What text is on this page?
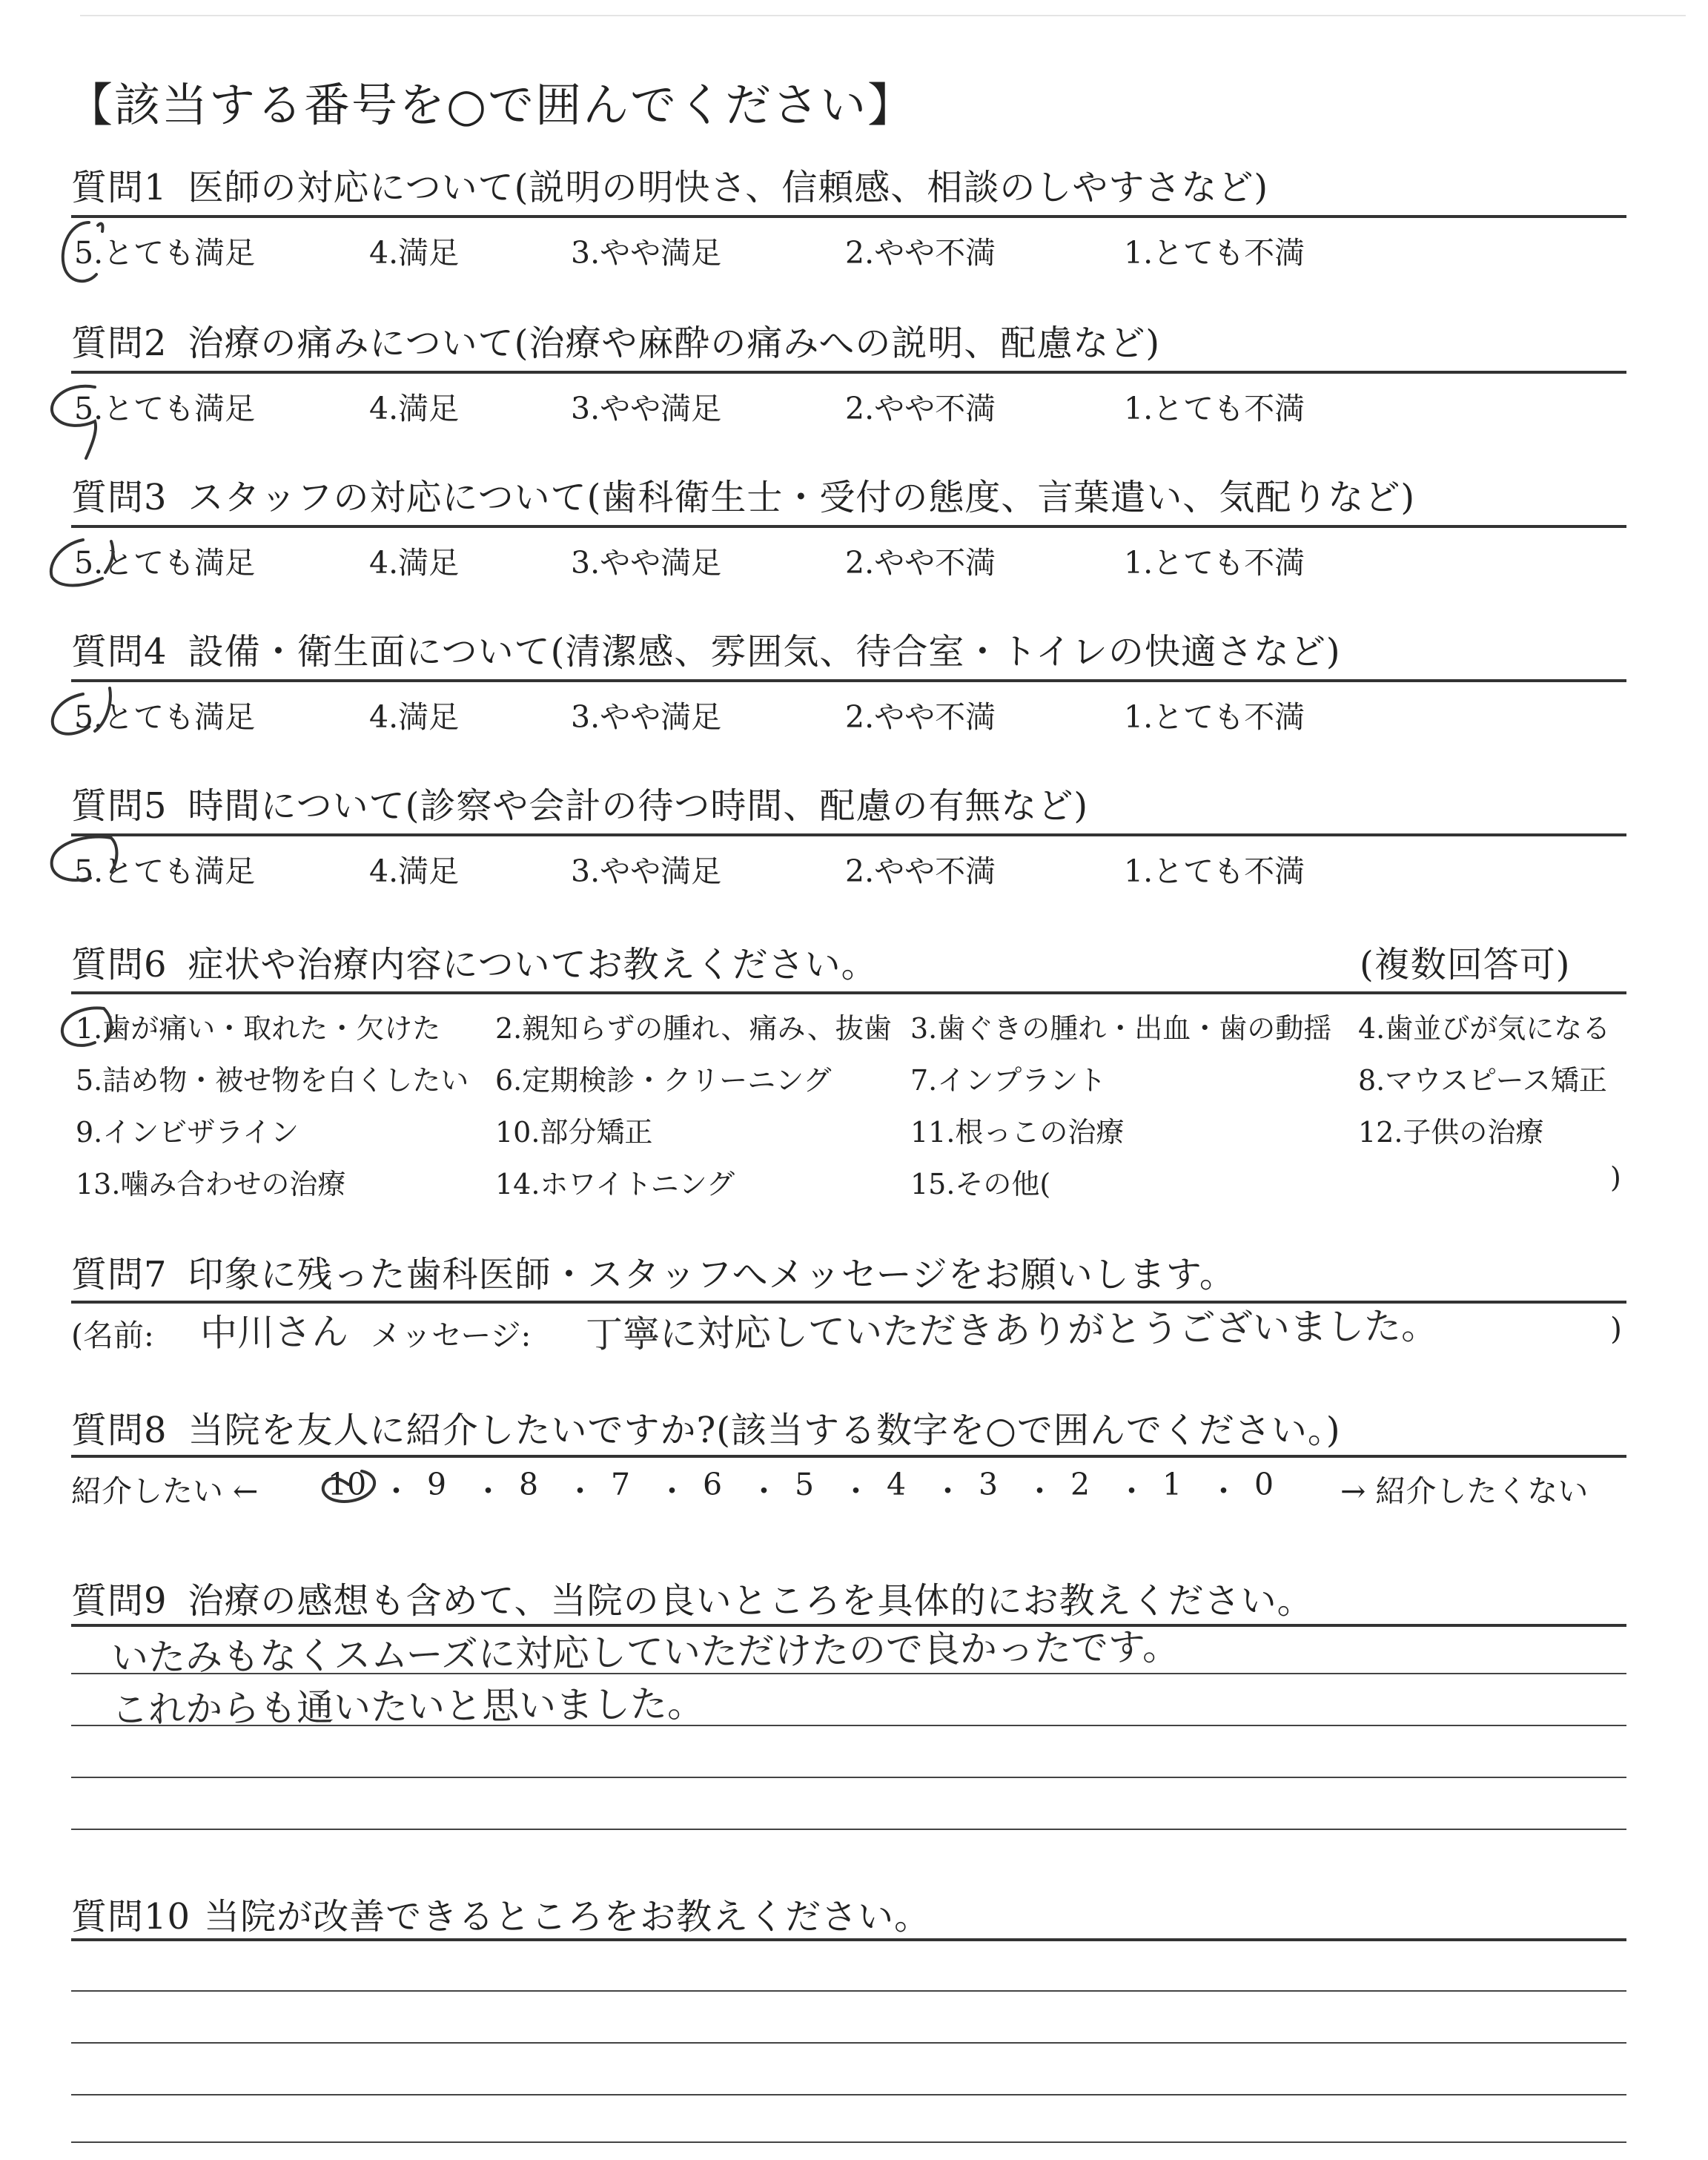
【該当する番号を○で囲んでください】
質問1 医師の対応について(説明の明快さ、信頼感、相談のしやすさなど)
5.とても満足	4.満足	3.やや満足	2.やや不満	1.とても不満
質問2 治療の痛みについて(治療や麻酔の痛みへの説明、配慮など)
5.とても満足	4.満足	3.やや満足	2.やや不満	1.とても不満
質問3 スタッフの対応について(歯科衛生士・受付の態度、言葉遣い、気配りなど)
5.とても満足	4.満足	3.やや満足	2.やや不満	1.とても不満
質問4 設備・衛生面について(清潔感、雰囲気、待合室・トイレの快適さなど)
5.とても満足	4.満足	3.やや満足	2.やや不満	1.とても不満
質問5 時間について(診察や会計の待つ時間、配慮の有無など)
5.とても満足	4.満足	3.やや満足	2.やや不満	1.とても不満
質問6 症状や治療内容についてお教えください。	(複数回答可)
1.歯が痛い・取れた・欠けた 2.親知らずの腫れ、痛み、抜歯 3.歯ぐきの腫れ・出血・歯の動揺 4.歯並びが気になる
5.詰め物・被せ物を白くしたい 6.定期検診・クリーニング	7.インプラント	8.マウスピース矯正
9.インビザライン	10.部分矯正	11.根っこの治療	12.子供の治療
13.噛み合わせの治療	14.ホワイトニング	15.その他(	)
質問7 印象に残った歯科医師・スタッフへメッセージをお願いします。
(名前: 中川さん メッセージ: 丁寧に対応していただきありがとうございました。	)
質問8 当院を友人に紹介したいですか?(該当する数字を○で囲んでください。)
紹介したい ← 10 ・ 9 ・ 8 ・ 7 ・ 6 ・ 5 ・ 4 ・ 3 ・ 2 ・ 1 ・ 0 → 紹介したくない
質問9 治療の感想も含めて、当院の良いところを具体的にお教えください。
いたみもなくスムーズに対応していただけたので良かったです。
これからも通いたいと思いました。
質問10 当院が改善できるところをお教えください。
